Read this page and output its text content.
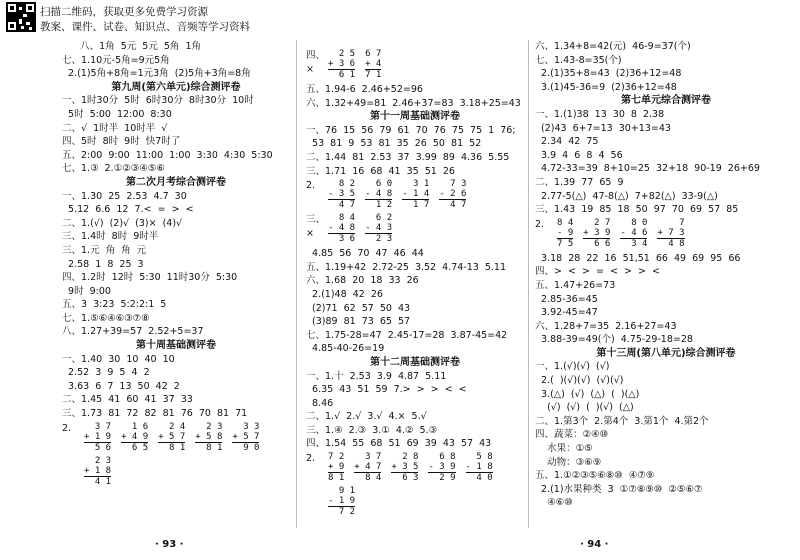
扫描二维码，获取更多免费学习资源
教案、课件、试卷、知识点、音频等学习资料
八、1角  5元  5元  5角  1角
七、1.10元-5角=9元5角
2.(1)5角+8角=1元3角  (2)5角+3角=8角
第九周(第六单元)综合测评卷
一、1时30分  5时  6时30分  8时30分  10时
5时  5:00  12:00  8:30
二、√  1时半  10时半  √
四、5时  8时  9时  快7时了
五、2:00  9:00  11:00  1:00  3:30  4:30  5:30
七、1.③  2.①②③④⑤⑥
第二次月考综合测评卷
一、1.30  25  2.53  4.7  30
5.12  6.6  12  7.<  =  >  <
二、1.(√)  (2)√  (3)×  (4)√
三、1.4时  8时  9时半
三、1.元  角  角  元
2.58  1  8  25  3
四、1.2时  12时  5:30  11时30分  5:30
9时  9:00
五、3  3:23  5:2:2:1  5
七、1.⑤⑥④⑥③⑦⑧
八、1.27+39=57  2.52+5=37
第十周基础测评卷
一、1.40  30  10  40  10
2.52  3  9  5  4  2
3.63  6  7  13  50  42  2
二、1.45  41  60  41  37  33
三、1.73  81  72  82  81  76  70  81  71
2.	3 7
+ 1 9
5 6
1 6
+ 4 9
6 5
2 4
+ 5 7
8 1
2 3
+ 5 8
8 1
3 3
+ 5 7
9 0
2 3
+ 1 8
4 1
四、×
2 5
+ 3 6
6 1
6 7
+ 4
7 1
五、1.94-6  2.46+52=96
六、1.32+49=81  2.46+37=83  3.18+25=43
第十一周基础测评卷
一、76  15  56  79  61  70  76  75  75  1  76;
53  81  9  53  81  35  26  50  81  52
二、1.44  81  2.53  37  3.99  89  4.36  5.55
三、1.71  16  68  41  35  51  26
2.	8 2
- 3 5
4 7
6 0
- 4 8
1 2
3 1
- 1 4
1 7
7 3
- 2 6
4 7
三、×
8 4
- 4 8
3 6
6 2
- 4 3
2 3
4.85  56  70  47  46  44
五、1.19+42  2.72-25  3.52  4.74-13  5.11
六、1.68  20  18  33  26
2.(1)48  42  26
(2)71  62  57  50  43
(3)89  81  73  65  57
七、1.75-28=47  2.45-17=28  3.87-45=42
4.85-40-26=19
第十二周基础测评卷
一、1.十  2.53  3.9  4.87  5.11
6.35  43  51  59  7.>  >  >  <  <
8.46
二、1.√  2.√  3.√  4.×  5.√
三、1.④  2.③  3.①  4.②  5.③
四、1.54  55  68  51  69  39  43  57  43
2. 7 2
+ 9
8 1
3 7
+ 4 7
8 4
2 8
+ 3 5
6 3
6 8
- 3 9
2 9
5 8
- 1 8
4 0
9 1
- 1 9
7 2
六、1.34+8=42(元)  46-9=37(个)
七、1.43-8=35(个)
2.(1)35+8=43  (2)36+12=48
3.(1)45-36=9  (2)36+12=48
第七单元综合测评卷
一、1.(1)38  13  30  8  2.38
(2)43  6+7=13  30+13=43
2.34  42  75
3.9  4  6  8  4  56
4.72-33=39  8+10=25  32+18  90-19  26+69
二、1.39  77  65  9
2.77-5(△)  47-8(△)  7+82(△)  33-9(△)
三、1.43  19  85  18  50  97  70  69  57  85
2. 8 4
- 9
7 5
2 7
+ 3 9
6 6
8 0
- 4 6
3 4
7
+ 7 3
4 8
3.18  28  22  16  51,51  66  49  69  95  66
四、>  <  >  =  <  >  >  <
五、1.47+26=73
2.85-36=45
3.92-45=47
六、1.28+7=35  2.16+27=43
3.88-39=49(个)  4.75-29-18=28
第十三周(第八单元)综合测评卷
一、1.(√)(√)  (√)
2.(  )(√)(√)  (√)(√)
3.(△)  (√)  (△)  (  )(△)
(√)  (√)  (  )(√)  (△)
二、1.第3个  2.第4个  3.第1个  4.第2个
四、蔬菜：②④⑩
水果：①⑤
动物：③⑥⑨
五、1.①②③⑤⑥⑧⑩  ④⑦⑨
2.(1)水果种类  3  ①⑦⑧⑨⑩  ②⑤⑥⑦
④⑥⑩
· 93 ·	· 94 ·
